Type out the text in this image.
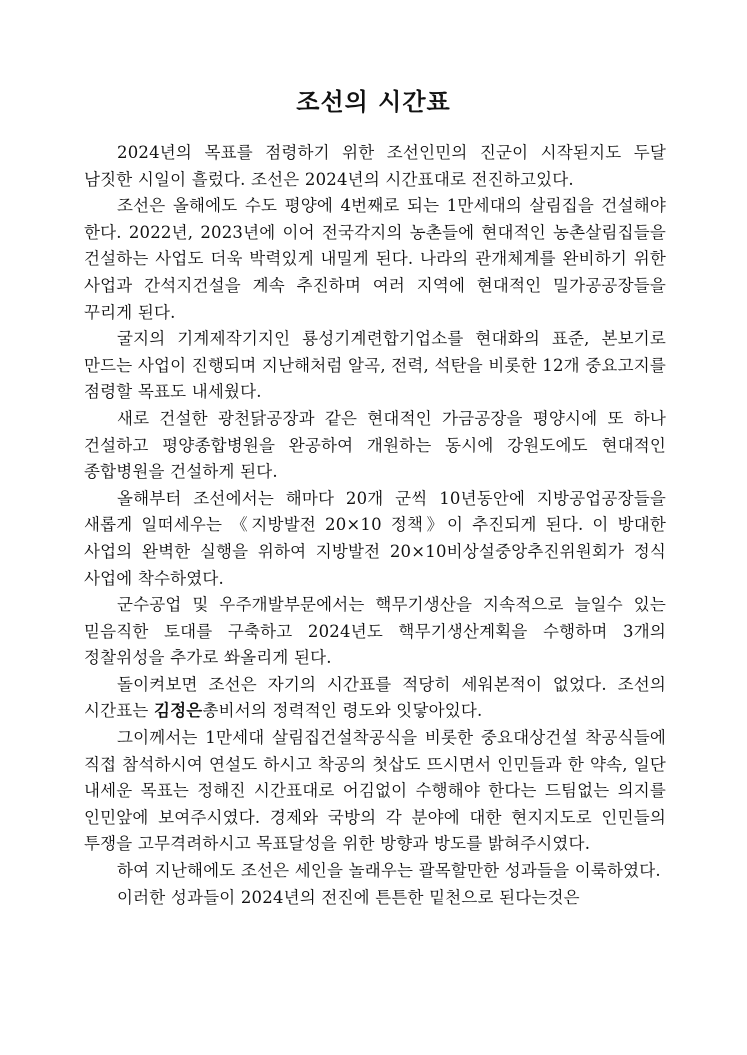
조선의 시간표

2024년의 목표를 점령하기 위한 조선인민의 진군이 시작된지도 두달 남짓한 시일이 흘렀다. 조선은 2024년의 시간표대로 전진하고있다.

조선은 올해에도 수도 평양에 4번째로 되는 1만세대의 살림집을 건설해야 한다. 2022년, 2023년에 이어 전국각지의 농촌들에 현대적인 농촌살림집들을 건설하는 사업도 더욱 박력있게 내밀게 된다. 나라의 관개체계를 완비하기 위한 사업과 간석지건설을 계속 추진하며 여러 지역에 현대적인 밀가공공장들을 꾸리게 된다.

굴지의 기계제작기지인 룡성기계련합기업소를 현대화의 표준, 본보기로 만드는 사업이 진행되며 지난해처럼 알곡, 전력, 석탄을 비롯한 12개 중요고지를 점령할 목표도 내세웠다.

새로 건설한 광천닭공장과 같은 현대적인 가금공장을 평양시에 또 하나 건설하고 평양종합병원을 완공하여 개원하는 동시에 강원도에도 현대적인 종합병원을 건설하게 된다.

올해부터 조선에서는 해마다 20개 군씩 10년동안에 지방공업공장들을 새롭게 일떠세우는 《지방발전 20×10 정책》이 추진되게 된다. 이 방대한 사업의 완벽한 실행을 위하여 지방발전 20×10비상설중앙추진위원회가 정식 사업에 착수하였다.

군수공업 및 우주개발부문에서는 핵무기생산을 지속적으로 늘일수 있는 믿음직한 토대를 구축하고 2024년도 핵무기생산계획을 수행하며 3개의 정찰위성을 추가로 쏴올리게 된다.

돌이켜보면 조선은 자기의 시간표를 적당히 세워본적이 없었다. 조선의 시간표는 김정은총비서의 정력적인 령도와 잇닿아있다.

그이께서는 1만세대 살림집건설착공식을 비롯한 중요대상건설 착공식들에 직접 참석하시여 연설도 하시고 착공의 첫삽도 뜨시면서 인민들과 한 약속, 일단 내세운 목표는 정해진 시간표대로 어김없이 수행해야 한다는 드팀없는 의지를 인민앞에 보여주시였다. 경제와 국방의 각 분야에 대한 현지지도로 인민들의 투쟁을 고무격려하시고 목표달성을 위한 방향과 방도를 밝혀주시였다.

하여 지난해에도 조선은 세인을 놀래우는 괄목할만한 성과들을 이룩하였다.

이러한 성과들이 2024년의 전진에 튼튼한 밑천으로 된다는것은
